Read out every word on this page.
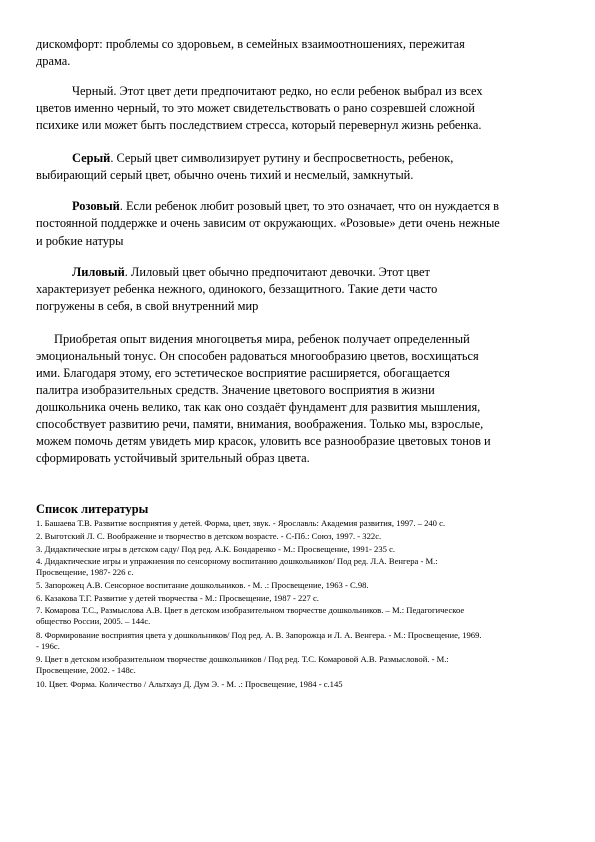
дискомфорт: проблемы со здоровьем, в семейных взаимоотношениях, пережитая
драма.
Черный. Этот цвет дети предпочитают редко, но если ребенок выбрал из всех
цветов именно черный, то это может свидетельствовать о рано созревшей сложной
психике или может быть последствием стресса, который перевернул жизнь ребенка.
Серый. Серый цвет символизирует рутину и беспросветность, ребенок,
выбирающий серый цвет, обычно очень тихий и несмелый, замкнутый.
Розовый. Если ребенок любит розовый цвет, то это означает, что он нуждается в
постоянной поддержке и очень зависим от окружающих. «Розовые» дети очень нежные
и робкие натуры
Лиловый. Лиловый цвет обычно предпочитают девочки. Этот цвет
характеризует ребенка нежного, одинокого, беззащитного. Такие дети часто
погружены в себя, в свой внутренний мир
Приобретая опыт видения многоцветья мира, ребенок получает определенный
эмоциональный тонус. Он способен радоваться многообразию цветов, восхищаться
ими. Благодаря этому, его эстетическое восприятие расширяется, обогащается
палитра изобразительных средств. Значение цветового восприятия в жизни
дошкольника очень велико, так как оно создаёт фундамент для развития мышления,
способствует развитию речи, памяти, внимания, воображения. Только мы, взрослые,
можем помочь детям увидеть мир красок, уловить все разнообразие цветовых тонов и
сформировать устойчивый зрительный образ цвета.
Список литературы
1. Башаева Т.В. Развитие восприятия у детей. Форма, цвет, звук. - Ярославль: Академия развития, 1997. – 240 с.
2. Выготский Л. С. Воображение и творчество в детском возрасте. - С-Пб.: Союз, 1997. - 322с.
3. Дидактические игры в детском саду/ Под ред. А.К. Бондаренко - М.: Просвещение, 1991- 235 с.
4. Дидактические игры и упражнения по сенсорному воспитанию дошкольников/ Под ред. Л.А. Венгера - М.:
Просвещение, 1987- 226 с.
5. Запорожец А.В. Сенсорное воспитание дошкольников. - М. .: Просвещение, 1963 - С.98.
6. Казакова Т.Г. Развитие у детей творчества - М.: Просвещение, 1987 - 227 с.
7. Комарова Т.С., Размыслова А.В. Цвет в детском изобразительном творчестве дошкольников. – М.: Педагогическое
общество России, 2005. – 144с.
8. Формирование восприятия цвета у дошкольников/ Под ред. А. В. Запорожца и Л. А. Венгера. - М.: Просвещение, 1969.
- 196с.
9. Цвет в детском изобразительном творчестве дошкольников / Под ред. Т.С. Комаровой А.В. Размысловой. - М.:
Просвещение, 2002. - 148с.
10. Цвет. Форма. Количество / Альтхауз Д. Дум Э. - М. .: Просвещение, 1984 - с.145
